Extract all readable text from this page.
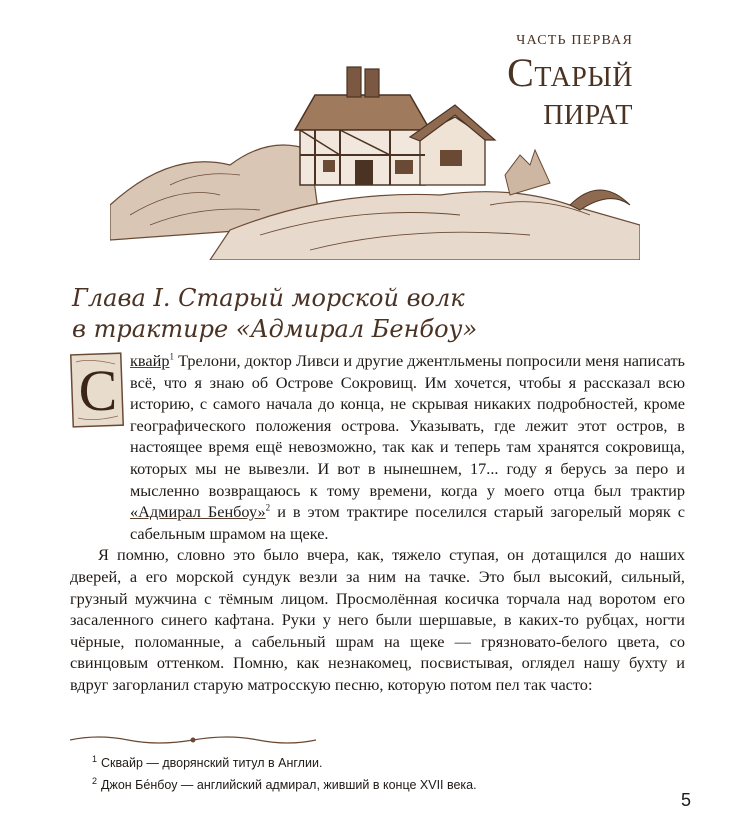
ЧАСТЬ ПЕРВАЯ
Старый
пират
Глава I. Старый морской волк
в трактире «Адмирал Бенбоу»
С квайр$^1$ Трелони, доктор Ливси и другие джентльмены попросили меня написать всё, что я знаю об Острове Сокровищ. Им хочется, чтобы я рассказал всю историю, с самого начала до конца, не скрывая никаких подробностей, кроме географического положения острова. Указывать, где лежит этот остров, в настоящее время ещё невозможно, так как и теперь там хранятся сокровища, которых мы не вывезли. И вот в нынешнем, 17... году я берусь за перо и мысленно возвращаюсь к тому времени, когда у моего отца был трактир «Адмирал Бенбоу»$^2$ и в этом трактире поселился старый загорелый моряк с сабельным шрамом на щеке.

Я помню, словно это было вчера, как, тяжело ступая, он дотащился до наших дверей, а его морской сундук везли за ним на тачке. Это был высокий, сильный, грузный мужчина с тёмным лицом. Просмолённая косичка торчала над воротом его засаленного синего кафтана. Руки у него были шершавые, в каких-то рубцах, ногти чёрные, поломанные, а сабельный шрам на щеке — грязновато-белого цвета, со свинцовым оттенком. Помню, как незнакомец, посвистывая, оглядел нашу бухту и вдруг загорланил старую матросскую песню, которую потом пел так часто:

$^1$ Сквайр — дворянский титул в Англии.
$^2$ Джон Бе́нбоу — английский адмирал, живший в конце XVII века.
5
